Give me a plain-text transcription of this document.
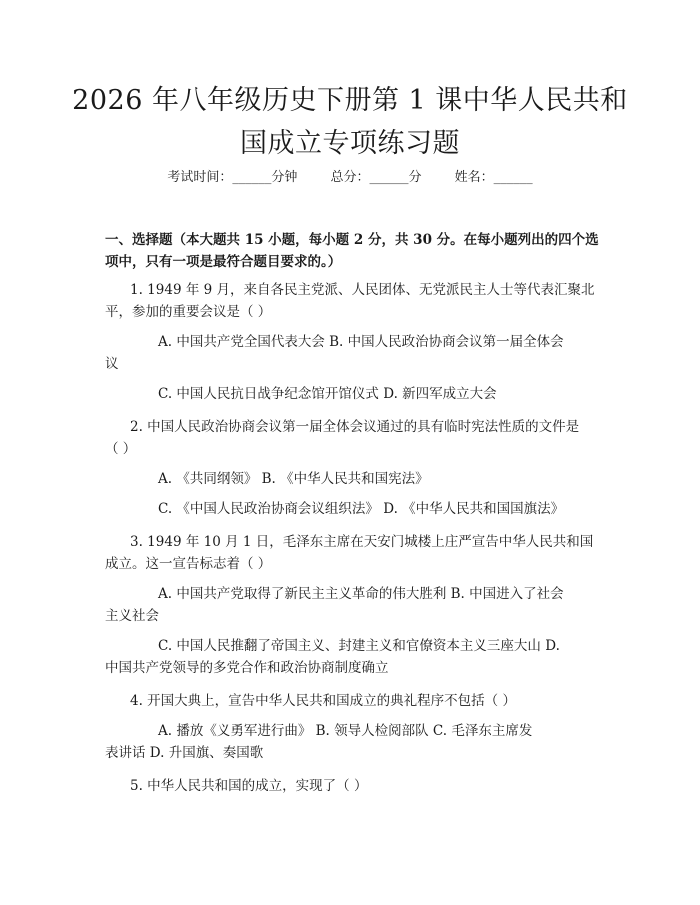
2026 年八年级历史下册第 1 课中华人民共和
国成立专项练习题
考试时间：______分钟	总分：______分	姓名：______
一、选择题（本大题共 15 小题，每小题 2 分，共 30 分。在每小题列出的四个选
项中，只有一项是最符合题目要求的。）
1. 1949 年 9 月，来自各民主党派、人民团体、无党派民主人士等代表汇聚北
平，参加的重要会议是（ ）
A. 中国共产党全国代表大会 B. 中国人民政治协商会议第一届全体会
议
C. 中国人民抗日战争纪念馆开馆仪式 D. 新四军成立大会
2. 中国人民政治协商会议第一届全体会议通过的具有临时宪法性质的文件是
（ ）
A. 《共同纲领》 B. 《中华人民共和国宪法》
C. 《中国人民政治协商会议组织法》 D. 《中华人民共和国国旗法》
3. 1949 年 10 月 1 日，毛泽东主席在天安门城楼上庄严宣告中华人民共和国
成立。这一宣告标志着（ ）
A. 中国共产党取得了新民主主义革命的伟大胜利 B. 中国进入了社会
主义社会
C. 中国人民推翻了帝国主义、封建主义和官僚资本主义三座大山 D.
中国共产党领导的多党合作和政治协商制度确立
4. 开国大典上，宣告中华人民共和国成立的典礼程序不包括（ ）
A. 播放《义勇军进行曲》 B. 领导人检阅部队 C. 毛泽东主席发
表讲话 D. 升国旗、奏国歌
5. 中华人民共和国的成立，实现了（ ）
